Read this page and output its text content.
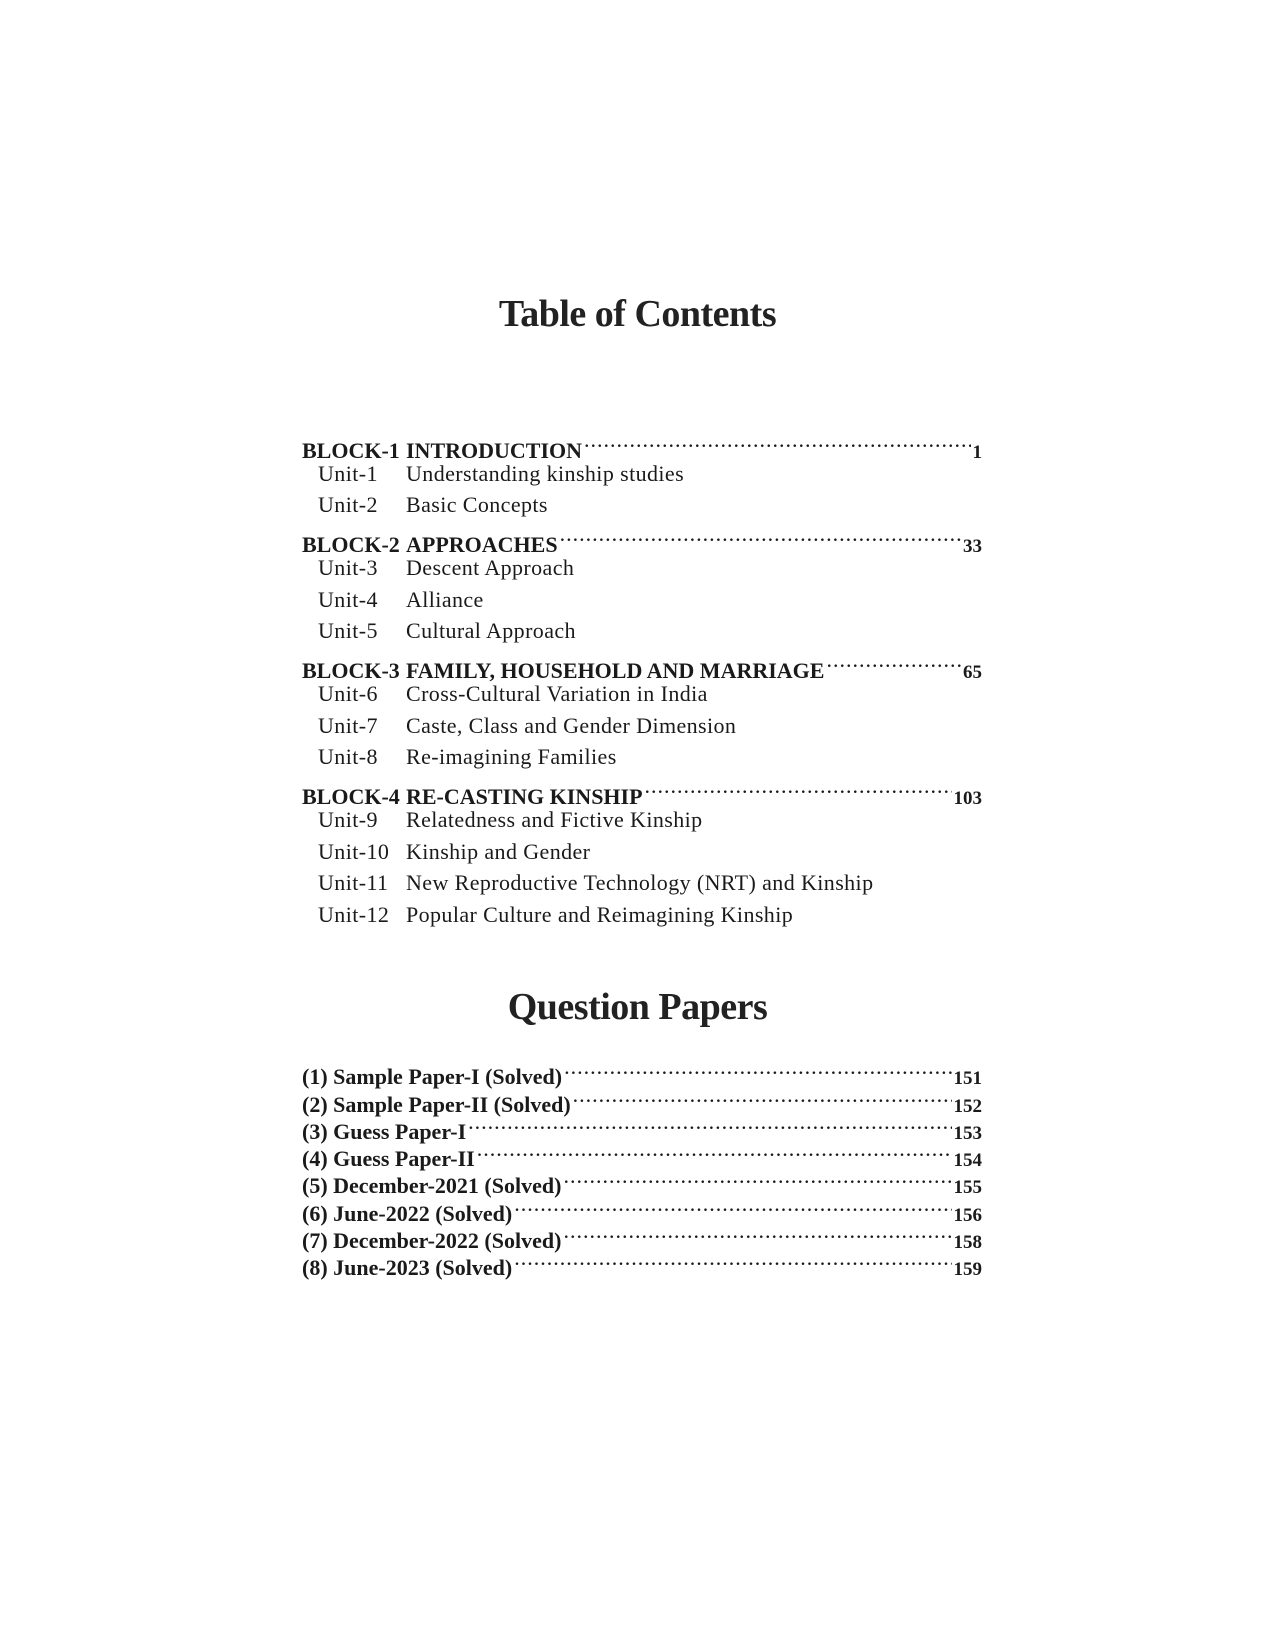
Table of Contents
BLOCK-1 INTRODUCTION .....	1
Unit-1	Understanding kinship studies
Unit-2	Basic Concepts
BLOCK-2 APPROACHES .....	33
Unit-3	Descent Approach
Unit-4	Alliance
Unit-5	Cultural Approach
BLOCK-3 FAMILY, HOUSEHOLD AND MARRIAGE .....	65
Unit-6	Cross-Cultural Variation in India
Unit-7	Caste, Class and Gender Dimension
Unit-8	Re-imagining Families
BLOCK-4 RE-CASTING KINSHIP .....	103
Unit-9	Relatedness and Fictive Kinship
Unit-10 Kinship and Gender
Unit-11 New Reproductive Technology (NRT) and Kinship
Unit-12 Popular Culture and Reimagining Kinship
Question Papers
(1) Sample Paper-I (Solved) .....	151
(2) Sample Paper-II (Solved) .....	152
(3) Guess Paper-I .....	153
(4) Guess Paper-II .....	154
(5) December-2021 (Solved) .....	155
(6) June-2022 (Solved) .....	156
(7) December-2022 (Solved) .....	158
(8) June-2023 (Solved) .....	159
